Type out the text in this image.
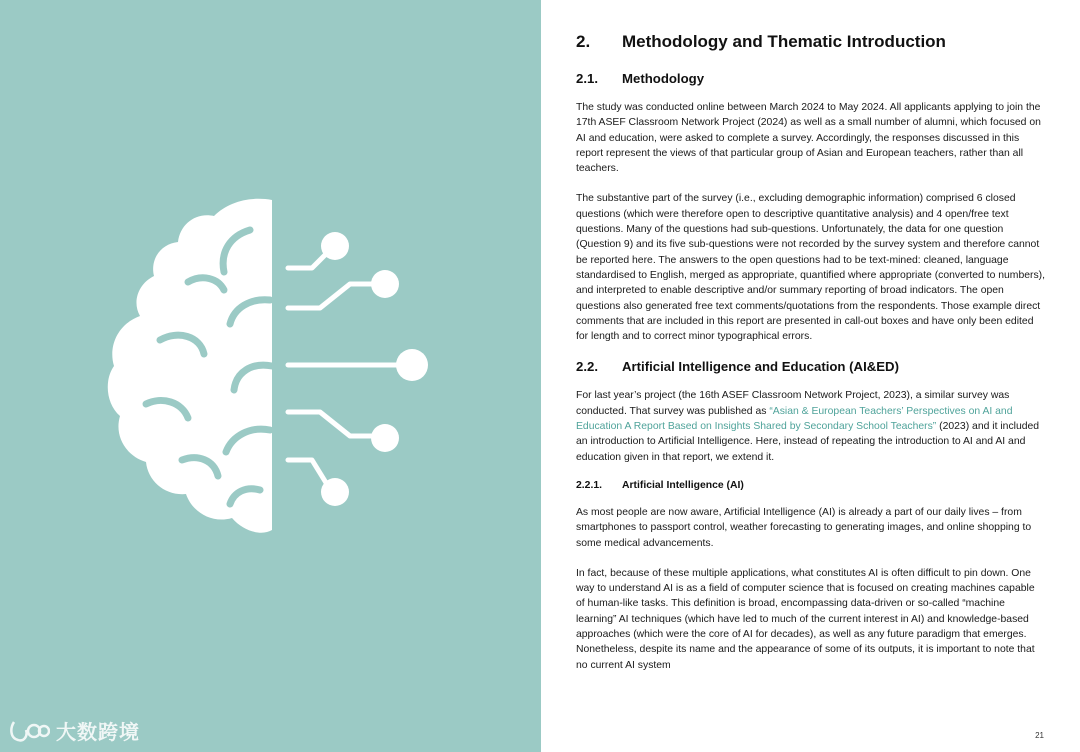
大数跨境
2.	Methodology and Thematic Introduction
2.1.	Methodology

The study was conducted online between March 2024 to May 2024. All applicants applying to join the 17th ASEF Classroom Network Project (2024) as well as a small number of alumni, which focused on AI and education, were asked to complete a survey. Accordingly, the responses discussed in this report represent the views of that particular group of Asian and European teachers, rather than all teachers.

The substantive part of the survey (i.e., excluding demographic information) comprised 6 closed questions (which were therefore open to descriptive quantitative analysis) and 4 open/free text questions. Many of the questions had sub-questions. Unfortunately, the data for one question (Question 9) and its five sub-questions were not recorded by the survey system and therefore cannot be reported here. The answers to the open questions had to be text-mined: cleaned, language standardised to English, merged as appropriate, quantified where appropriate (converted to numbers), and interpreted to enable descriptive and/or summary reporting of broad indicators. The open questions also generated free text comments/quotations from the respondents. Those example direct comments that are included in this report are presented in call-out boxes and have only been edited for length and to correct minor typographical errors.

2.2.	Artificial Intelligence and Education (AI&ED)

For last year’s project (the 16th ASEF Classroom Network Project, 2023), a similar survey was conducted. That survey was published as “Asian & European Teachers’ Perspectives on AI and Education A Report Based on Insights Shared by Secondary School Teachers” (2023) and it included an introduction to Artificial Intelligence. Here, instead of repeating the introduction to AI and AI and education given in that report, we extend it.

2.2.1.	Artificial Intelligence (AI)

As most people are now aware, Artificial Intelligence (AI) is already a part of our daily lives – from smartphones to passport control, weather forecasting to generating images, and online shopping to some medical advancements.

In fact, because of these multiple applications, what constitutes AI is often difficult to pin down. One way to understand AI is as a field of computer science that is focused on creating machines capable of human-like tasks. This definition is broad, encompassing data-driven or so-called “machine learning” AI techniques (which have led to much of the current interest in AI) and knowledge-based approaches (which were the core of AI for decades), as well as any future paradigm that emerges. Nonetheless, despite its name and the appearance of some of its outputs, it is important to note that no current AI system

21
